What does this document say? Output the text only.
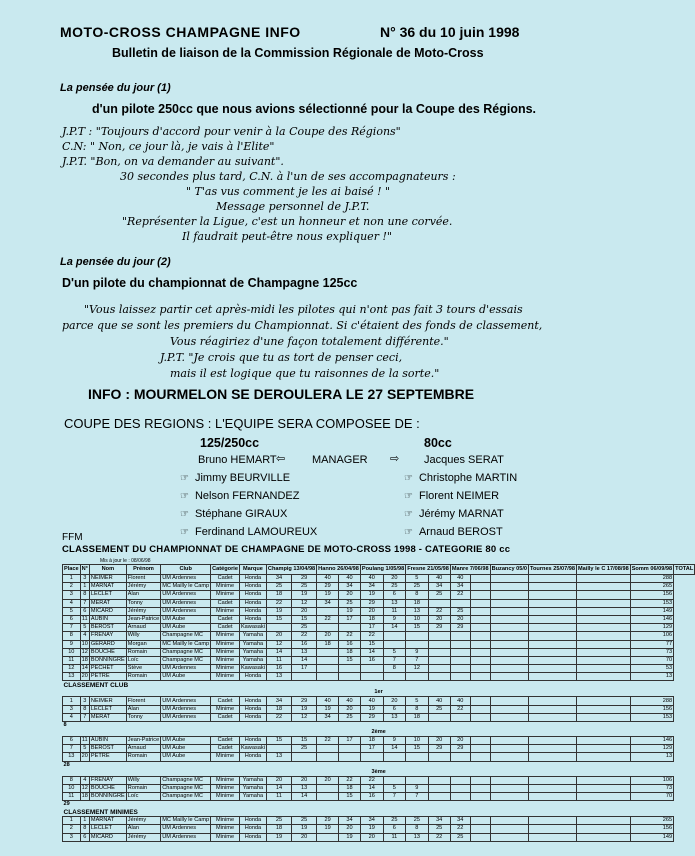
MOTO-CROSS CHAMPAGNE INFO	N° 36 du 10 juin 1998
Bulletin de liaison de la Commission Régionale de Moto-Cross
La pensée du jour (1)
d'un pilote 250cc que nous avions sélectionné pour la Coupe des Régions.
J.P.T : "Toujours d'accord pour venir à la Coupe des Régions"
C.N: " Non, ce jour là, je vais à l'Elite"
J.P.T. "Bon, on va demander au suivant".
30 secondes plus tard, C.N. à l'un de ses accompagnateurs :
" T'as vus comment je les ai baisé ! "
Message personnel de J.P.T.
"Représenter la Ligue, c'est un honneur et non une corvée.
Il faudrait peut-être nous expliquer !"
La pensée du jour (2)
D'un pilote du championnat de Champagne 125cc
"Vous laissez partir cet après-midi les pilotes qui n'ont pas fait 3 tours d'essais
parce que se sont les premiers du Championnat. Si c'étaient des fonds de classement,
Vous réagiriez d'une façon totalement différente."
J.P.T. "Je crois que tu as tort de penser ceci,
mais il est logique que tu raisonnes de la sorte."
INFO : MOURMELON SE DEROULERA LE 27 SEPTEMBRE
COUPE DES REGIONS : L'EQUIPE SERA COMPOSEE DE :
125/250cc	80cc
Bruno HEMART ⇦ MANAGER ⇨ Jacques SERAT
☞ Jimmy BEURVILLE
☞ Nelson FERNANDEZ
☞ Stéphane GIRAUX
☞ Ferdinand LAMOUREUX
☞ Christophe MARTIN
☞ Florent NEIMER
☞ Jérémy MARNAT
☞ Arnaud BEROST
FFM
CLASSEMENT DU CHAMPIONNAT DE CHAMPAGNE DE MOTO-CROSS 1998 - CATEGORIE 80 cc
Mis à jour le : 08/06/98
Place	N°	Nom	Prénom	Club	Catégorie	Marque	Champig 13/04/98		Hanno 26/04/98		Poulang 1/05/98		Fresne 21/05/98		Manre 7/06/98		Buzancy 05/0	Tournes 25/07/98	Mailly le C 17/08/98	Somm 06/09/98	TOTAL
1	3	NEIMER	Florent	UM Ardennes	Cadet	Honda	34	29	40	40	40	20	5	40	40					288	
2	1	MARNAT	Jérémy	MC Mailly le Camp	Minime	Honda	25	25	29	34	34	25	25	34	34					265	
3	8	LECLET	Alan	UM Ardennes	Minime	Honda	18	19	19	20	19	6	8	25	22					156	
4	7	MERAT	Tonny	UM Ardennes	Cadet	Honda	22	12	34	25	29	13	18							153	
5	6	MICARD	Jérémy	UM Ardennes	Minime	Honda	19	20		19	20	11	13	22	25					149	
6	11	AUBIN	Jean-Patrice	UM Aube	Cadet	Honda	15	15	22	17	18	9	10	20	20					146	
7	5	BEROST	Arnaud	UM Aube	Cadet	Kawasaki		25			17	14	15	29	29					129	
8	4	FRENAY	Willy	Champagne MC	Minime	Yamaha	20	22	20	22	22									106	
9	10	GERARD	Morgan	MC Mailly le Camp	Minime	Yamaha	12	16	18	16	15									77	
10	12	BOUCHE	Romain	Champagne MC	Minime	Yamaha	14	13		18	14	5	9							73	
11	18	BONNINGRE	Loïc	Champagne MC	Minime	Yamaha	11	14		15	16	7	7							70	
12	14	PECHET	Stève	UM Ardennes	Minime	Kawasaki	16	17				8	12							53	
13	20	PETRE	Romain	UM Aube	Minime	Honda	13													13	
CLASSEMENT CLUB																					
1er																					
1	3	NEIMER	Florent	UM Ardennes	Cadet	Honda	34	29	40	40	40	20	5	40	40					288	
3	8	LECLET	Alan	UM Ardennes	Minime	Honda	18	19	19	20	19	6	8	25	22					156	
4	7	MERAT	Tonny	UM Ardennes	Cadet	Honda	22	12	34	25	29	13	18							153	
8																					
2ème																					
6	11	AUBIN	Jean-Patrice	UM Aube	Cadet	Honda	15	15	22	17	18	9	10	20	20					146	
7	5	BEROST	Arnaud	UM Aube	Cadet	Kawasaki		25			17	14	15	29	29					129	
13	20	PETRE	Romain	UM Aube	Minime	Honda	13													13	
28																					
3ème																					
8	4	FRENAY	Willy	Champagne MC	Minime	Yamaha	20	20	20	22	22									106	
10	12	BOUCHE	Romain	Champagne MC	Minime	Yamaha	14	13		18	14	5	9							73	
11	18	BONNINGRE	Loïc	Champagne MC	Minime	Yamaha	11	14		15	16	7	7							70	
29																					
CLASSEMENT MINIMES																					
1	1	MARNAT	Jérémy	MC Mailly le Camp	Minime	Honda	25	25	29	34	34	25	25	34	34					265	
2	8	LECLET	Alan	UM Ardennes	Minime	Honda	18	19	19	20	19	6	8	25	22					156	
3	6	MICARD	Jérémy	UM Ardennes	Minime	Honda	19	20		19	20	11	13	22	25					149	
